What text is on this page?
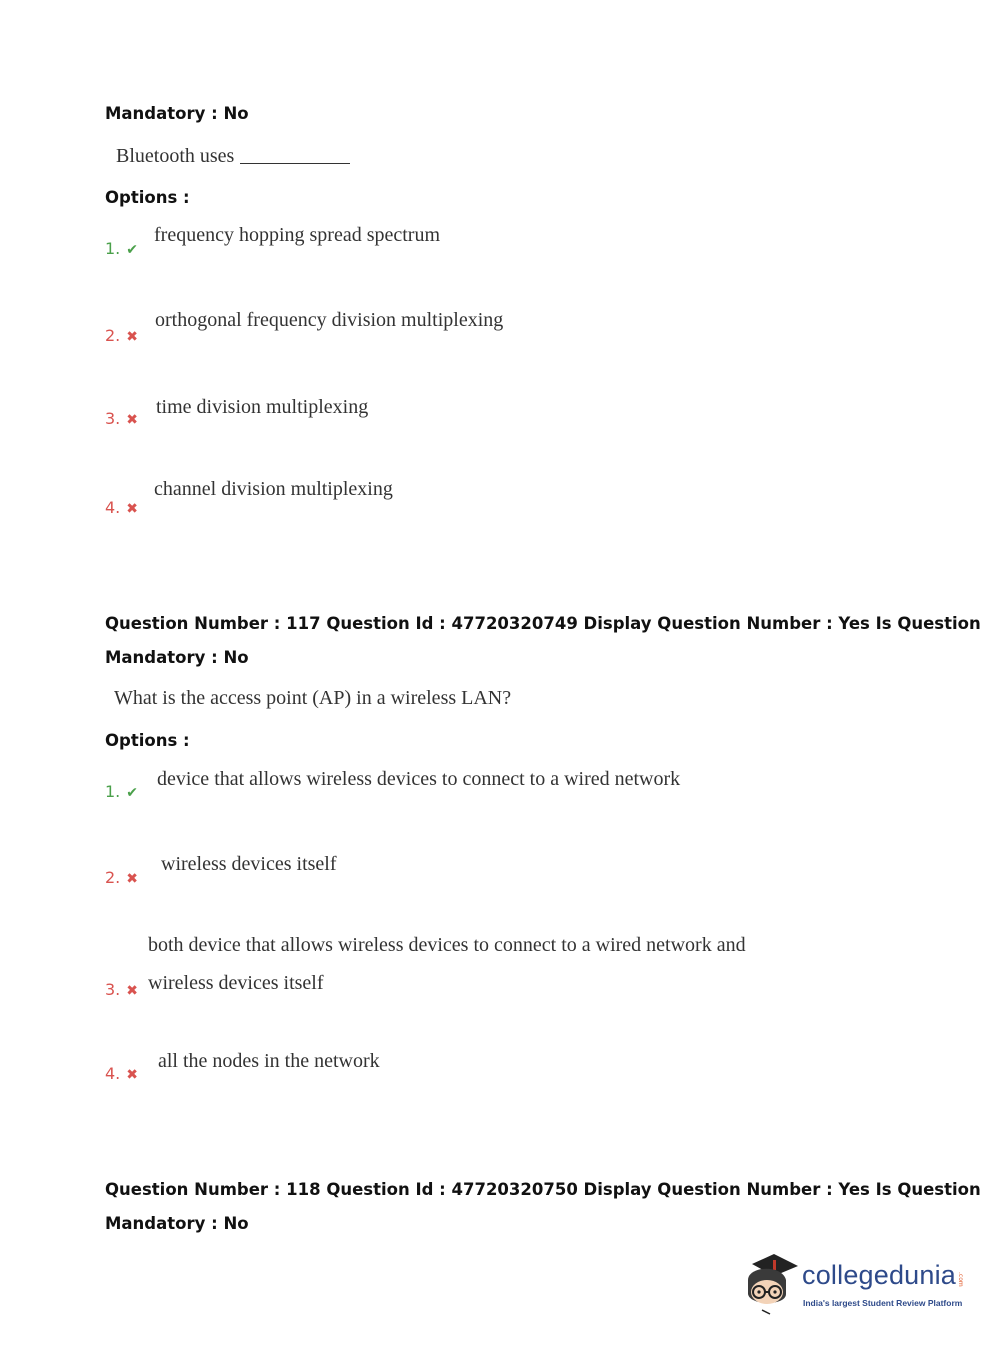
Mandatory : No
Bluetooth uses
Options :
1. ✔
frequency hopping spread spectrum
2. ✖
orthogonal frequency division multiplexing
3. ✖
time division multiplexing
4. ✖
channel division multiplexing
Question Number : 117 Question Id : 47720320749 Display Question Number : Yes Is Question
Mandatory : No
What is the access point (AP) in a wireless LAN?
Options :
1. ✔
device that allows wireless devices to connect to a wired network
2. ✖
wireless devices itself
both device that allows wireless devices to connect to a wired network and
3. ✖ wireless devices itself
4. ✖
all the nodes in the network
Question Number : 118 Question Id : 47720320750 Display Question Number : Yes Is Question
Mandatory : No
collegedunia .com
India's largest Student Review Platform
